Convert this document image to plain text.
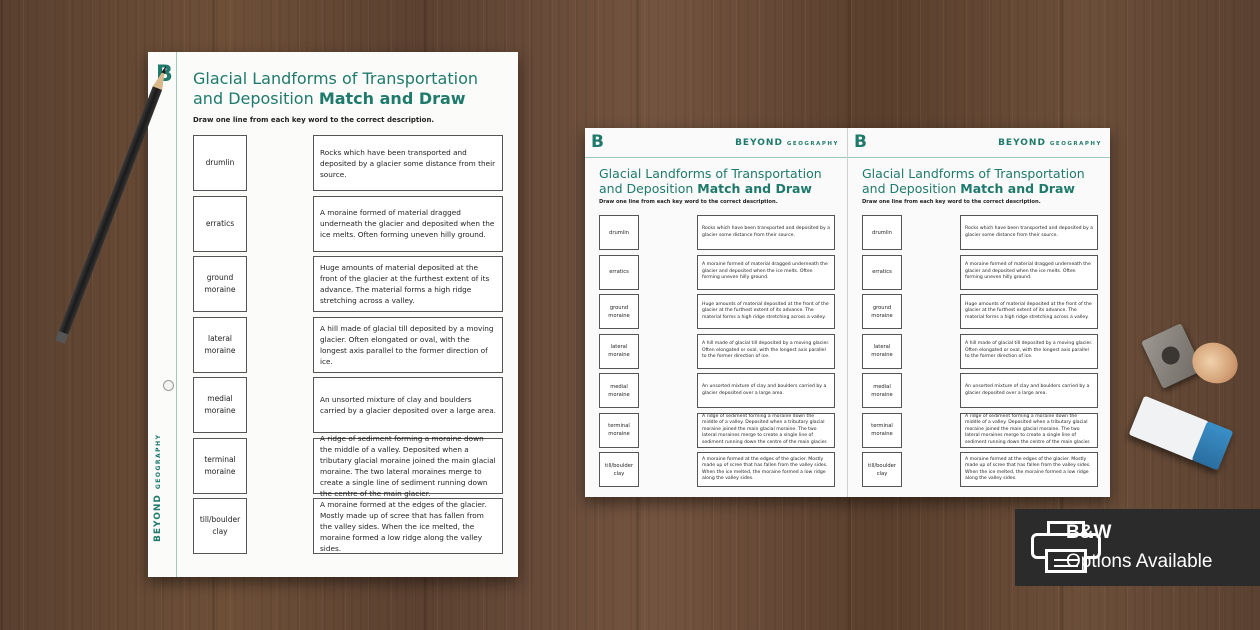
B
BEYONDGEOGRAPHY
Glacial Landforms of Transportation
and Deposition Match and Draw
Draw one line from each key word to the correct description.
drumlin
Rocks which have been transported and deposited by a glacier some distance from their source.
erratics
A moraine formed of material dragged underneath the glacier and deposited when the ice melts. Often forming uneven hilly ground.
ground moraine
Huge amounts of material deposited at the front of the glacier at the furthest extent of its advance. The material forms a high ridge stretching across a valley.
lateral moraine
A hill made of glacial till deposited by a moving glacier. Often elongated or oval, with the longest axis parallel to the former direction of ice.
medial moraine
An unsorted mixture of clay and boulders carried by a glacier deposited over a large area.
terminal moraine
A ridge of sediment forming a moraine down the middle of a valley. Deposited when a tributary glacial moraine joined the main glacial moraine. The two lateral moraines merge to create a single line of sediment running down the centre of the main glacier.
till/boulder clay
A moraine formed at the edges of the glacier. Mostly made up of scree that has fallen from the valley sides. When the ice melted, the moraine formed a low ridge along the valley sides.
B	BEYOND GEOGRAPHY
Glacial Landforms of Transportation
and Deposition Match and Draw
Draw one line from each key word to the correct description.
drumlin
Rocks which have been transported and deposited by a glacier some distance from their source.
erratics
A moraine formed of material dragged underneath the glacier and deposited when the ice melts. Often forming uneven hilly ground.
ground moraine
Huge amounts of material deposited at the front of the glacier at the furthest extent of its advance. The material forms a high ridge stretching across a valley.
lateral moraine
A hill made of glacial till deposited by a moving glacier. Often elongated or oval, with the longest axis parallel to the former direction of ice.
medial moraine
An unsorted mixture of clay and boulders carried by a glacier deposited over a large area.
terminal moraine
A ridge of sediment forming a moraine down the middle of a valley. Deposited when a tributary glacial moraine joined the main glacial moraine. The two lateral moraines merge to create a single line of sediment running down the centre of the main glacier.
till/boulder clay
A moraine formed at the edges of the glacier. Mostly made up of scree that has fallen from the valley sides. When the ice melted, the moraine formed a low ridge along the valley sides.
B	BEYOND GEOGRAPHY
Glacial Landforms of Transportation
and Deposition Match and Draw
Draw one line from each key word to the correct description.
drumlin
Rocks which have been transported and deposited by a glacier some distance from their source.
erratics
A moraine formed of material dragged underneath the glacier and deposited when the ice melts. Often forming uneven hilly ground.
ground moraine
Huge amounts of material deposited at the front of the glacier at the furthest extent of its advance. The material forms a high ridge stretching across a valley.
lateral moraine
A hill made of glacial till deposited by a moving glacier. Often elongated or oval, with the longest axis parallel to the former direction of ice.
medial moraine
An unsorted mixture of clay and boulders carried by a glacier deposited over a large area.
terminal moraine
A ridge of sediment forming a moraine down the middle of a valley. Deposited when a tributary glacial moraine joined the main glacial moraine. The two lateral moraines merge to create a single line of sediment running down the centre of the main glacier.
till/boulder clay
A moraine formed at the edges of the glacier. Mostly made up of scree that has fallen from the valley sides. When the ice melted, the moraine formed a low ridge along the valley sides.
B&W
Options Available
